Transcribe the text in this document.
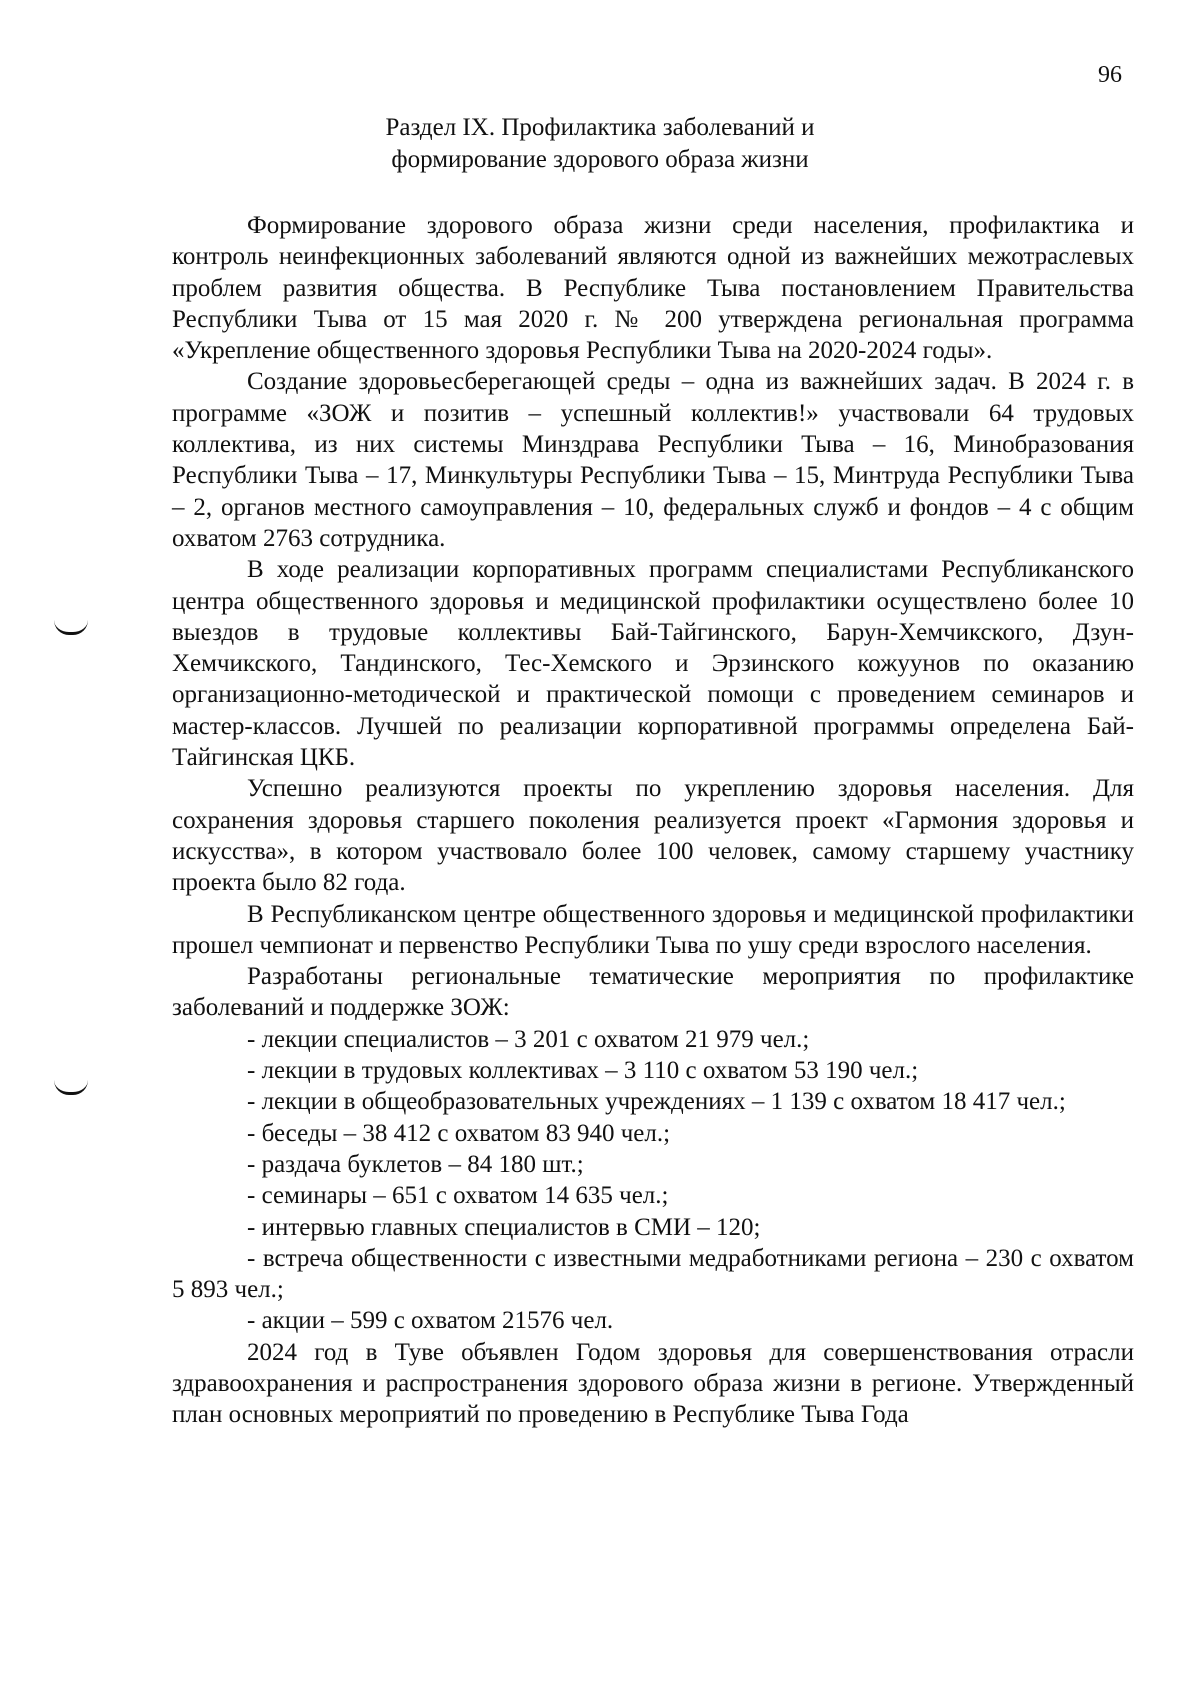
96
Раздел IX. Профилактика заболеваний и
формирование здорового образа жизни

Формирование здорового образа жизни среди населения, профилактика и контроль неинфекционных заболеваний являются одной из важнейших межотраслевых проблем развития общества. В Республике Тыва постановлением Правительства Республики Тыва от 15 мая 2020 г. № 200 утверждена региональная программа «Укрепление общественного здоровья Республики Тыва на 2020-2024 годы».

Создание здоровьесберегающей среды – одна из важнейших задач. В 2024 г. в программе «ЗОЖ и позитив – успешный коллектив!» участвовали 64 трудовых коллектива, из них системы Минздрава Республики Тыва – 16, Минобразования Республики Тыва – 17, Минкультуры Республики Тыва – 15, Минтруда Республики Тыва – 2, органов местного самоуправления – 10, федеральных служб и фондов – 4 с общим охватом 2763 сотрудника.

В ходе реализации корпоративных программ специалистами Республиканского центра общественного здоровья и медицинской профилактики осуществлено более 10 выездов в трудовые коллективы Бай-Тайгинского, Барун-Хемчикского, Дзун-Хемчикского, Тандинского, Тес-Хемского и Эрзинского кожуунов по оказанию организационно-методической и практической помощи с проведением семинаров и мастер-классов. Лучшей по реализации корпоративной программы определена Бай-Тайгинская ЦКБ.

Успешно реализуются проекты по укреплению здоровья населения. Для сохранения здоровья старшего поколения реализуется проект «Гармония здоровья и искусства», в котором участвовало более 100 человек, самому старшему участнику проекта было 82 года.

В Республиканском центре общественного здоровья и медицинской профилактики прошел чемпионат и первенство Республики Тыва по ушу среди взрослого населения.

Разработаны региональные тематические мероприятия по профилактике заболеваний и поддержке ЗОЖ:

- лекции специалистов – 3 201 с охватом 21 979 чел.;

- лекции в трудовых коллективах – 3 110 с охватом 53 190 чел.;

- лекции в общеобразовательных учреждениях – 1 139 с охватом 18 417 чел.;

- беседы – 38 412 с охватом 83 940 чел.;

- раздача буклетов – 84 180 шт.;

- семинары – 651 с охватом 14 635 чел.;

- интервью главных специалистов в СМИ – 120;

- встреча общественности с известными медработниками региона – 230 с охватом 5 893 чел.;

- акции – 599 с охватом 21576 чел.

2024 год в Туве объявлен Годом здоровья для совершенствования отрасли здравоохранения и распространения здорового образа жизни в регионе. Утвержденный план основных мероприятий по проведению в Республике Тыва Года
